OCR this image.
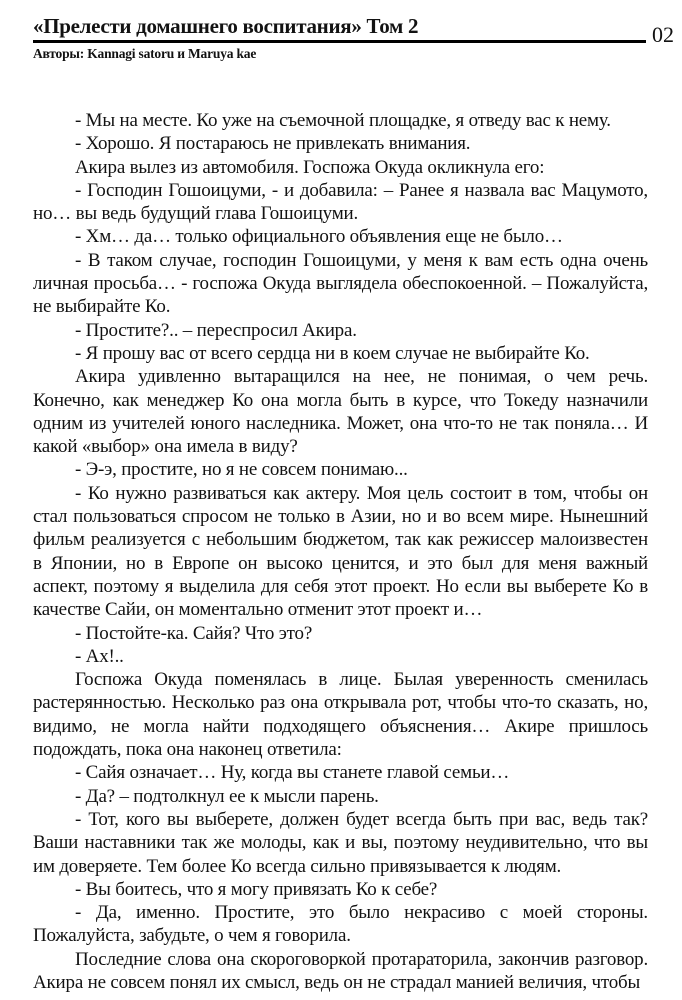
«Прелести домашнего воспитания» Том 2	02
Авторы: Kannagi satoru и Maruya kae

- Мы на месте. Ко уже на съемочной площадке, я отведу вас к нему.

- Хорошо. Я постараюсь не привлекать внимания.

Акира вылез из автомобиля. Госпожа Окуда окликнула его:

- Господин Гошоицуми, - и добавила: – Ранее я назвала вас Мацумото, но… вы ведь будущий глава Гошоицуми.

- Хм… да… только официального объявления еще не было…

- В таком случае, господин Гошоицуми, у меня к вам есть одна очень личная просьба… - госпожа Окуда выглядела обеспокоенной. – Пожалуйста, не выбирайте Ко.

- Простите?.. – переспросил Акира.

- Я прошу вас от всего сердца ни в коем случае не выбирайте Ко.

Акира удивленно вытаращился на нее, не понимая, о чем речь. Конечно, как менеджер Ко она могла быть в курсе, что Токеду назначили одним из учителей юного наследника. Может, она что-то не так поняла… И какой «выбор» она имела в виду?

- Э-э, простите, но я не совсем понимаю...

- Ко нужно развиваться как актеру. Моя цель состоит в том, чтобы он стал пользоваться спросом не только в Азии, но и во всем мире. Нынешний фильм реализуется с небольшим бюджетом, так как режиссер малоизвестен в Японии, но в Европе он высоко ценится, и это был для меня важный аспект, поэтому я выделила для себя этот проект. Но если вы выберете Ко в качестве Сайи, он моментально отменит этот проект и…

- Постойте-ка. Сайя? Что это?

- Ах!..

Госпожа Окуда поменялась в лице. Былая уверенность сменилась растерянностью. Несколько раз она открывала рот, чтобы что-то сказать, но, видимо, не могла найти подходящего объяснения… Акире пришлось подождать, пока она наконец ответила:

- Сайя означает… Ну, когда вы станете главой семьи…

- Да? – подтолкнул ее к мысли парень.

- Тот, кого вы выберете, должен будет всегда быть при вас, ведь так? Ваши наставники так же молоды, как и вы, поэтому неудивительно, что вы им доверяете. Тем более Ко всегда сильно привязывается к людям.

- Вы боитесь, что я могу привязать Ко к себе?

- Да, именно. Простите, это было некрасиво с моей стороны. Пожалуйста, забудьте, о чем я говорила.

Последние слова она скороговоркой протараторила, закончив разговор. Акира не совсем понял их смысл, ведь он не страдал манией величия, чтобы
